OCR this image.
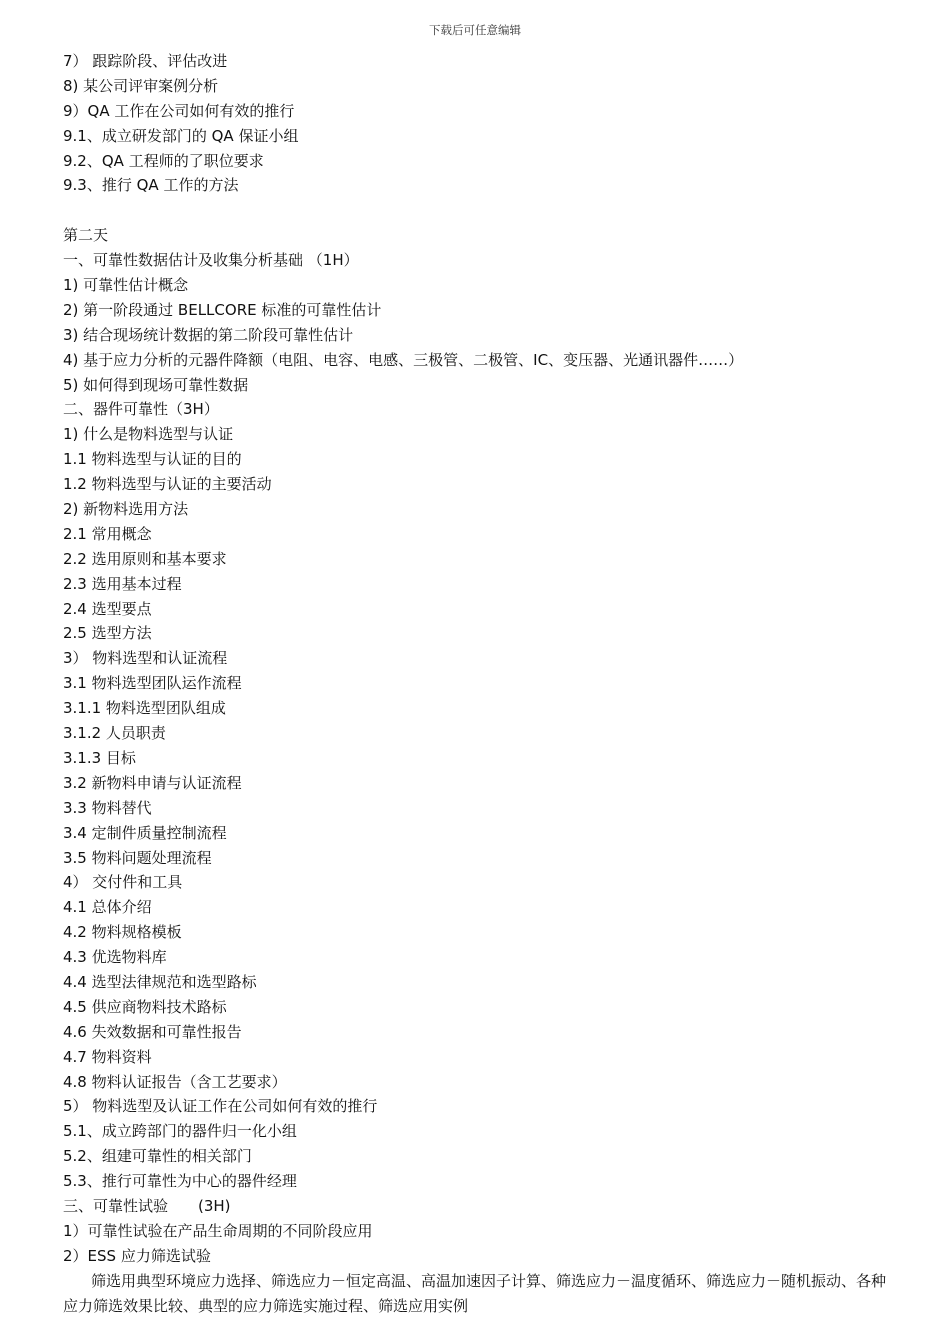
下载后可任意编辑
7） 跟踪阶段、评估改进
8) 某公司评审案例分析
9）QA 工作在公司如何有效的推行
9.1、成立研发部门的 QA 保证小组
9.2、QA 工程师的了职位要求
9.3、推行 QA 工作的方法
第二天
一、可靠性数据估计及收集分析基础 （1H）
1) 可靠性估计概念
2) 第一阶段通过 BELLCORE 标准的可靠性估计
3) 结合现场统计数据的第二阶段可靠性估计
4) 基于应力分析的元器件降额（电阻、电容、电感、三极管、二极管、IC、变压器、光通讯器件……）
5) 如何得到现场可靠性数据
二、器件可靠性（3H）
1) 什么是物料选型与认证
1.1 物料选型与认证的目的
1.2 物料选型与认证的主要活动
2) 新物料选用方法
2.1 常用概念
2.2 选用原则和基本要求
2.3 选用基本过程
2.4 选型要点
2.5 选型方法
3） 物料选型和认证流程
3.1 物料选型团队运作流程
3.1.1 物料选型团队组成
3.1.2 人员职责
3.1.3 目标
3.2 新物料申请与认证流程
3.3 物料替代
3.4 定制件质量控制流程
3.5 物料问题处理流程
4） 交付件和工具
4.1 总体介绍
4.2 物料规格模板
4.3 优选物料库
4.4 选型法律规范和选型路标
4.5 供应商物料技术路标
4.6 失效数据和可靠性报告
4.7 物料资料
4.8 物料认证报告（含工艺要求）
5） 物料选型及认证工作在公司如何有效的推行
5.1、成立跨部门的器件归一化小组
5.2、组建可靠性的相关部门
5.3、推行可靠性为中心的器件经理
三、可靠性试验　　(3H)
1）可靠性试验在产品生命周期的不同阶段应用
2）ESS 应力筛选试验

筛选用典型环境应力选择、筛选应力－恒定高温、高温加速因子计算、筛选应力－温度循环、筛选应力－随机振动、各种应力筛选效果比较、典型的应力筛选实施过程、筛选应用实例
